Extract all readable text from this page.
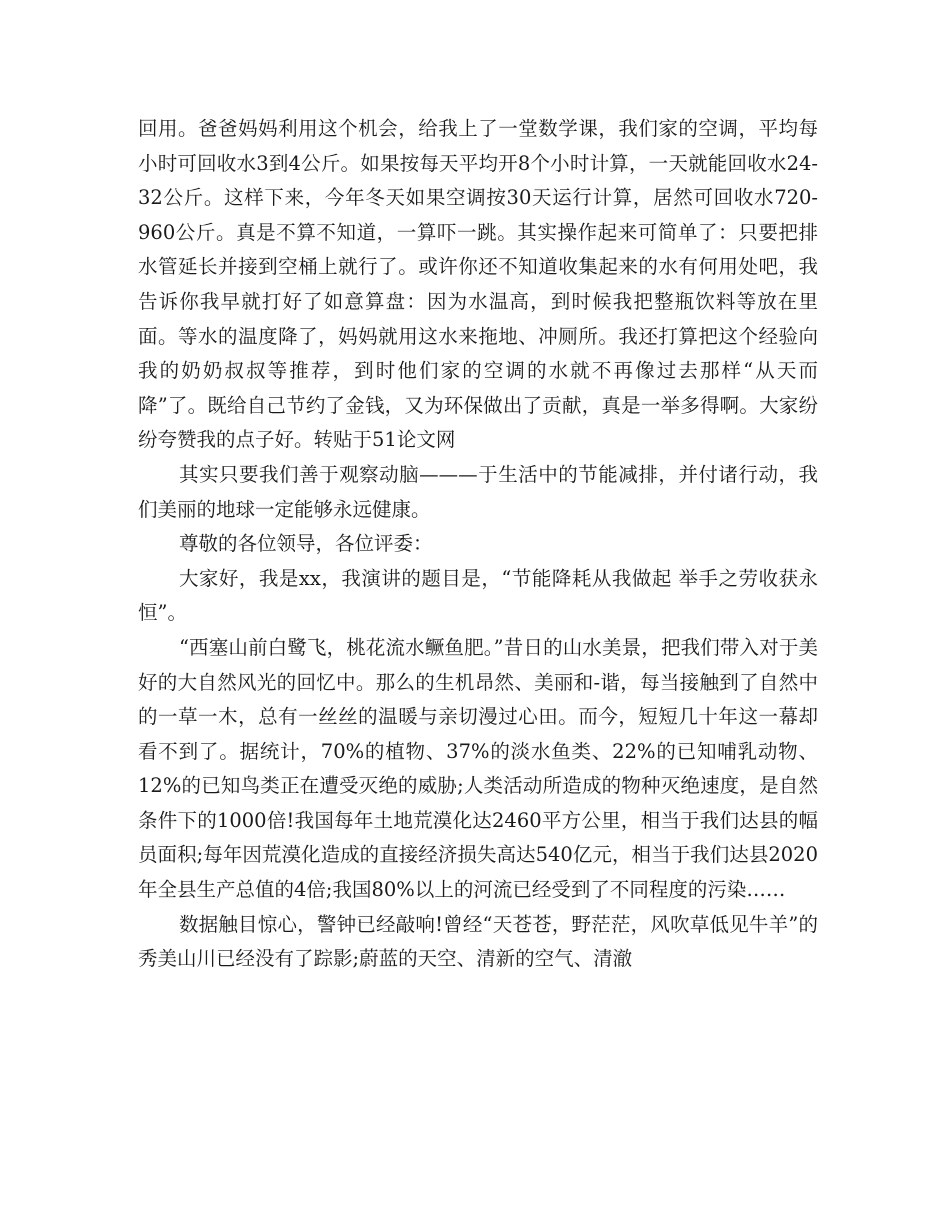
回用。爸爸妈妈利用这个机会，给我上了一堂数学课，我们家的空调，平均每小时可回收水3到4公斤。如果按每天平均开8个小时计算，一天就能回收水24-32公斤。这样下来，今年冬天如果空调按30天运行计算，居然可回收水720-960公斤。真是不算不知道，一算吓一跳。其实操作起来可简单了：只要把排水管延长并接到空桶上就行了。或许你还不知道收集起来的水有何用处吧，我告诉你我早就打好了如意算盘：因为水温高，到时候我把整瓶饮料等放在里面。等水的温度降了，妈妈就用这水来拖地、冲厕所。我还打算把这个经验向我的奶奶叔叔等推荐，到时他们家的空调的水就不再像过去那样“从天而降”了。既给自己节约了金钱，又为环保做出了贡献，真是一举多得啊。大家纷纷夸赞我的点子好。转贴于51论文网

其实只要我们善于观察动脑———于生活中的节能减排，并付诸行动，我们美丽的地球一定能够永远健康。

尊敬的各位领导，各位评委：

大家好，我是xx，我演讲的题目是，“节能降耗从我做起 举手之劳收获永恒”。

“西塞山前白鹭飞，桃花流水鳜鱼肥。”昔日的山水美景，把我们带入对于美好的大自然风光的回忆中。那么的生机昂然、美丽和-谐，每当接触到了自然中的一草一木，总有一丝丝的温暖与亲切漫过心田。而今，短短几十年这一幕却看不到了。据统计，70%的植物、37%的淡水鱼类、22%的已知哺乳动物、12%的已知鸟类正在遭受灭绝的威胁;人类活动所造成的物种灭绝速度，是自然条件下的1000倍!我国每年土地荒漠化达2460平方公里，相当于我们达县的幅员面积;每年因荒漠化造成的直接经济损失高达540亿元，相当于我们达县2020年全县生产总值的4倍;我国80%以上的河流已经受到了不同程度的污染……

数据触目惊心，警钟已经敲响!曾经“天苍苍，野茫茫，风吹草低见牛羊”的秀美山川已经没有了踪影;蔚蓝的天空、清新的空气、清澈
